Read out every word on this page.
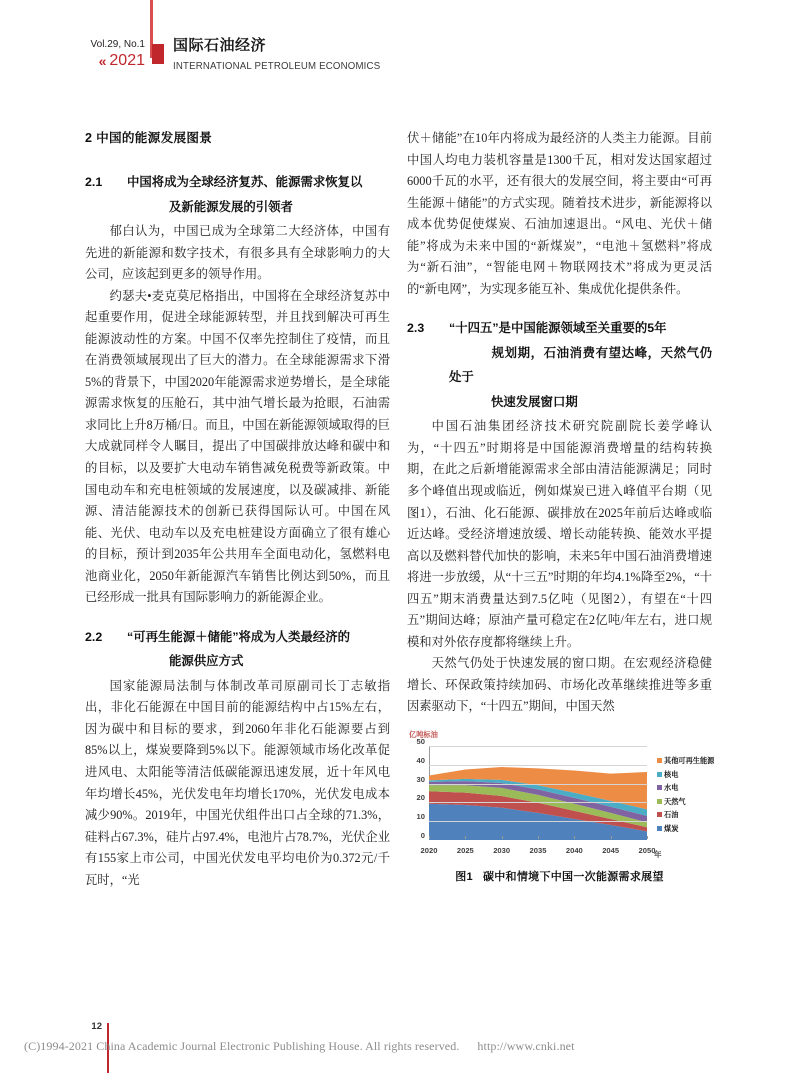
Vol.29, No.1
« 2021
国际石油经济
INTERNATIONAL PETROLEUM ECONOMICS
2 中国的能源发展图景
2.1 中国将成为全球经济复苏、能源需求恢复以
及新能源发展的引领者

郁白认为，中国已成为全球第二大经济体，中国有先进的新能源和数字技术，有很多具有全球影响力的大公司，应该起到更多的领导作用。

约瑟夫•麦克莫尼格指出，中国将在全球经济复苏中起重要作用，促进全球能源转型，并且找到解决可再生能源波动性的方案。中国不仅率先控制住了疫情，而且在消费领域展现出了巨大的潜力。在全球能源需求下滑5%的背景下，中国2020年能源需求逆势增长，是全球能源需求恢复的压舱石，其中油气增长最为抢眼，石油需求同比上升8万桶/日。而且，中国在新能源领域取得的巨大成就同样令人瞩目，提出了中国碳排放达峰和碳中和的目标，以及要扩大电动车销售减免税费等新政策。中国电动车和充电桩领域的发展速度，以及碳减排、新能源、清洁能源技术的创新已获得国际认可。中国在风能、光伏、电动车以及充电桩建设方面确立了很有雄心的目标，预计到2035年公共用车全面电动化，氢燃料电池商业化，2050年新能源汽车销售比例达到50%，而且已经形成一批具有国际影响力的新能源企业。

2.2 “可再生能源＋储能”将成为人类最经济的
能源供应方式

国家能源局法制与体制改革司原副司长丁志敏指出，非化石能源在中国目前的能源结构中占15%左右，因为碳中和目标的要求，到2060年非化石能源要占到85%以上，煤炭要降到5%以下。能源领域市场化改革促进风电、太阳能等清洁低碳能源迅速发展，近十年风电年均增长45%，光伏发电年均增长170%，光伏发电成本减少90%。2019年，中国光伏组件出口占全球的71.3%，硅料占67.3%，硅片占97.4%，电池片占78.7%，光伏企业有155家上市公司，中国光伏发电平均电价为0.372元/千瓦时，“光

伏＋储能”在10年内将成为最经济的人类主力能源。目前中国人均电力装机容量是1300千瓦，相对发达国家超过6000千瓦的水平，还有很大的发展空间，将主要由“可再生能源＋储能”的方式实现。随着技术进步，新能源将以成本优势促使煤炭、石油加速退出。“风电、光伏＋储能”将成为未来中国的“新煤炭”，“电池＋氢燃料”将成为“新石油”，“智能电网＋物联网技术”将成为更灵活的“新电网”，为实现多能互补、集成优化提供条件。

2.3 “十四五”是中国能源领域至关重要的5年
规划期，石油消费有望达峰，天然气仍处于
快速发展窗口期

中国石油集团经济技术研究院副院长姜学峰认为，“十四五”时期将是中国能源消费增量的结构转换期，在此之后新增能源需求全部由清洁能源满足；同时多个峰值出现或临近，例如煤炭已进入峰值平台期（见图1），石油、化石能源、碳排放在2025年前后达峰或临近达峰。受经济增速放缓、增长动能转换、能效水平提高以及燃料替代加快的影响，未来5年中国石油消费增速将进一步放缓，从“十三五”时期的年均4.1%降至2%，“十四五”期末消费量达到7.5亿吨（见图2），有望在“十四五”期间达峰；原油产量可稳定在2亿吨/年左右，进口规模和对外依存度都将继续上升。

天然气仍处于快速发展的窗口期。在宏观经济稳健增长、环保政策持续加码、市场化改革继续推进等多重因素驱动下，“十四五”期间，中国天然

亿吨标油
0
10
20
30
40
50
年
其他可再生能源
核电
水电
天然气
石油
煤炭
2020	2025	2030	2035	2040	2045	2050
图1 碳中和情境下中国一次能源需求展望
12
(C)1994-2021 China Academic Journal Electronic Publishing House. All rights reserved. http://www.cnki.net
